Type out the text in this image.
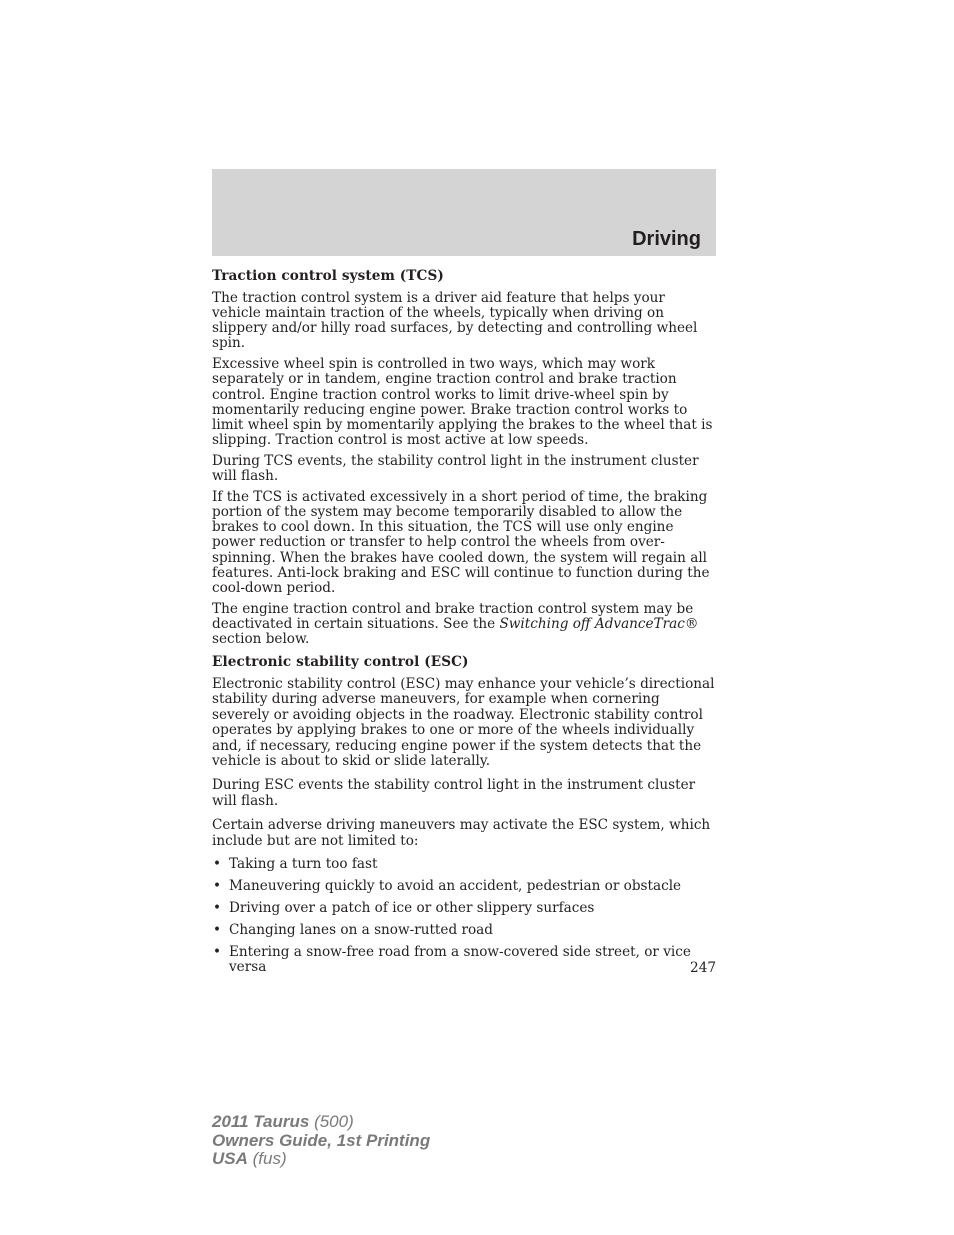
Driving
Traction control system (TCS)

The traction control system is a driver aid feature that helps your vehicle maintain traction of the wheels, typically when driving on slippery and/or hilly road surfaces, by detecting and controlling wheel spin.

Excessive wheel spin is controlled in two ways, which may work separately or in tandem, engine traction control and brake traction control. Engine traction control works to limit drive-wheel spin by momentarily reducing engine power. Brake traction control works to limit wheel spin by momentarily applying the brakes to the wheel that is slipping. Traction control is most active at low speeds.

During TCS events, the stability control light in the instrument cluster will flash.

If the TCS is activated excessively in a short period of time, the braking portion of the system may become temporarily disabled to allow the brakes to cool down. In this situation, the TCS will use only engine power reduction or transfer to help control the wheels from over-spinning. When the brakes have cooled down, the system will regain all features. Anti-lock braking and ESC will continue to function during the cool-down period.

The engine traction control and brake traction control system may be deactivated in certain situations. See the Switching off AdvanceTrac® section below.

Electronic stability control (ESC)

Electronic stability control (ESC) may enhance your vehicle’s directional stability during adverse maneuvers, for example when cornering severely or avoiding objects in the roadway. Electronic stability control operates by applying brakes to one or more of the wheels individually and, if necessary, reducing engine power if the system detects that the vehicle is about to skid or slide laterally.

During ESC events the stability control light in the instrument cluster will flash.

Certain adverse driving maneuvers may activate the ESC system, which include but are not limited to:

• Taking a turn too fast
• Maneuvering quickly to avoid an accident, pedestrian or obstacle
• Driving over a patch of ice or other slippery surfaces
• Changing lanes on a snow-rutted road
• Entering a snow-free road from a snow-covered side street, or vice versa	247
2011 Taurus (500)
Owners Guide, 1st Printing
USA (fus)
